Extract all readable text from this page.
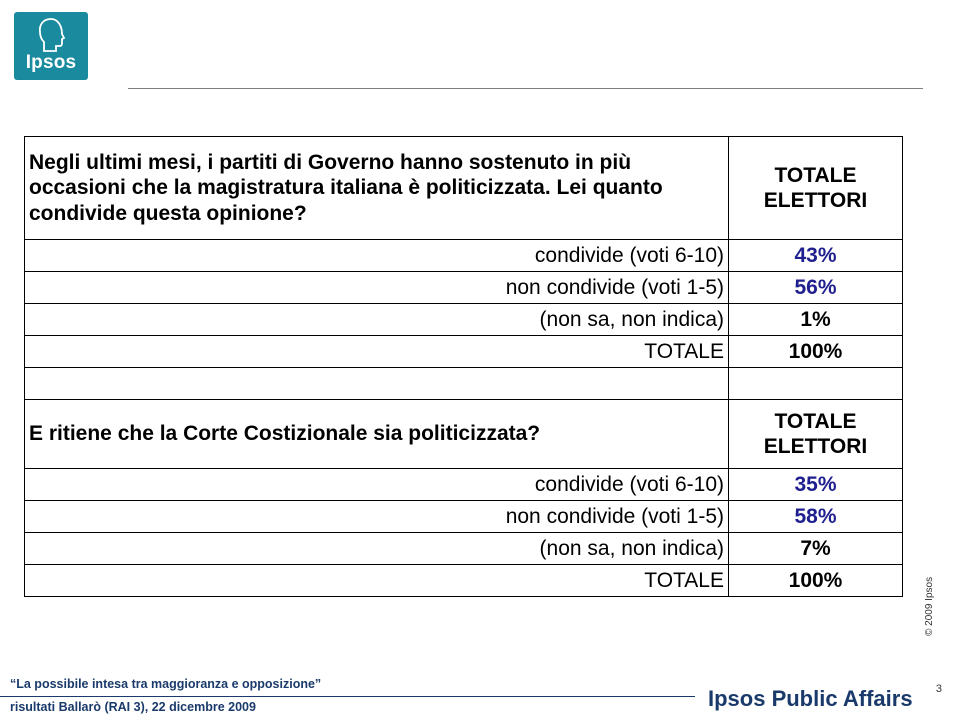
Ipsos
Negli ultimi mesi, i partiti di Governo hanno sostenuto in più occasioni che la magistratura italiana è politicizzata. Lei quanto condivide questa opinione?	TOTALE ELETTORI
condivide (voti 6-10)	43%
non condivide (voti 1-5)	56%
(non sa, non indica)	1%
TOTALE	100%

E ritiene che la Corte Costizionale sia politicizzata?	TOTALE ELETTORI
condivide (voti 6-10)	35%
non condivide (voti 1-5)	58%
(non sa, non indica)	7%
TOTALE	100%	© 2009 Ipsos
3
“La possibile intesa tra maggioranza e opposizione”
risultati Ballarò (RAI 3), 22 dicembre 2009	Ipsos Public Affairs
